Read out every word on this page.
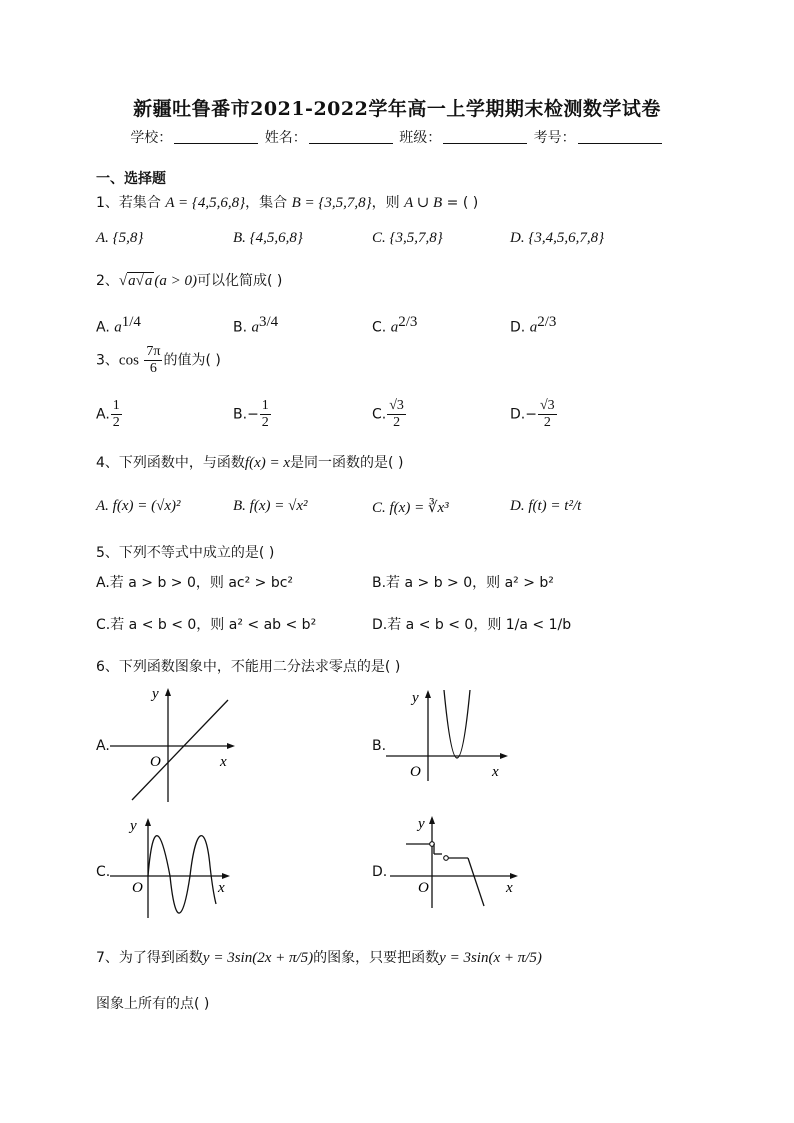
新疆吐鲁番市2021-2022学年高一上学期期末检测数学试卷
学校：	姓名：	班级：	考号：
一、选择题
1、若集合 A = {4,5,6,8}，集合 B = {3,5,7,8}，则 A ∪ B = ( )
A. {5,8}	B. {4,5,6,8}	C. {3,5,7,8}	D. {3,4,5,6,7,8}
2、√a√a (a > 0)可以化简成( )
A. $a^{1/4}$	B. $a^{3/4}$	C. $a^{2/3}$	D. $a^{2/3}$
3、$\cos \frac{7\pi}{6}$ 的值为( )
A. $\frac{1}{2}$	$B.- \frac{1}{2}$	C. $\frac{√3}{2}$	$D.- \frac{√3}{2}$
4、下列函数中，与函数f(x) = x是同一函数的是( )
A. f(x) = (√x)²	B. f(x) = √x²	C. f(x) = ∛x³	D. f(t) = t²/t
5、下列不等式中成立的是( )
A.若 a > b > 0，则 ac² > bc²	B.若 a > b > 0，则 a² > b²
C.若 a < b < 0，则 a² < ab < b²	D.若 a < b < 0，则 1/a < 1/b
6、下列函数图象中，不能用二分法求零点的是( )
A.
y
x
O
B.
y
x
O
C.
y
x
O
D.
y
x
O
7、为了得到函数y = 3sin(2x + π/5)的图象，只要把函数y = 3sin(x + π/5)
图象上所有的点( )
